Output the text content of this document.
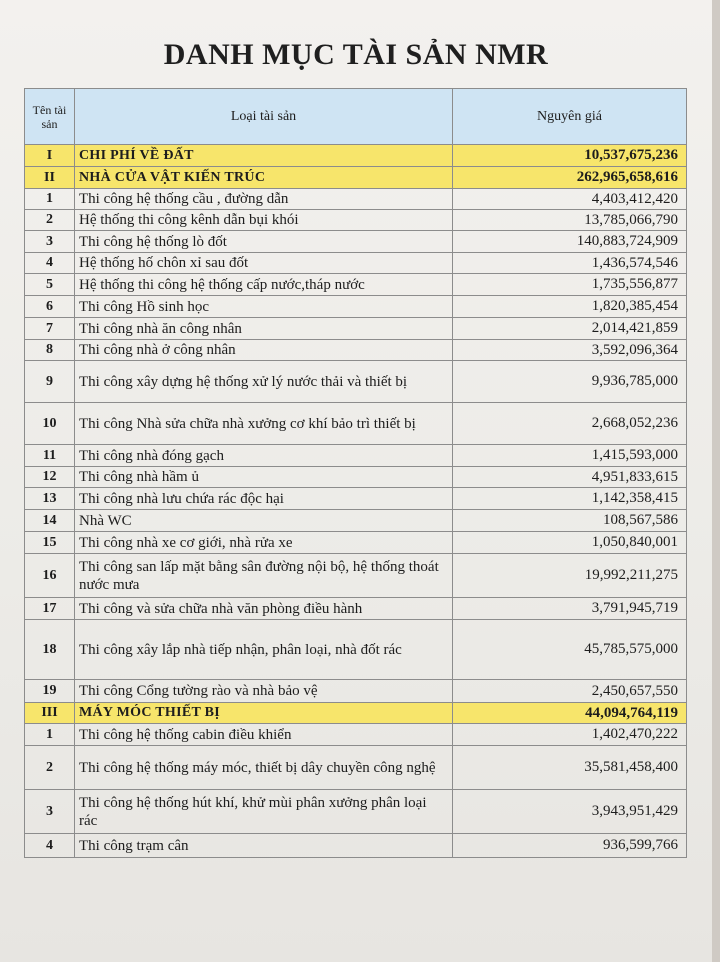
DANH MỤC TÀI SẢN NMR
Tên tài sản	Loại tài sản	Nguyên giá
I	CHI PHÍ VỀ ĐẤT	10,537,675,236
II	NHÀ CỬA VẬT KIẾN TRÚC	262,965,658,616
1	Thi công hệ thống cầu , đường dẫn	4,403,412,420
2	Hệ thống thi công kênh dẫn bụi khói	13,785,066,790
3	Thi công hệ thống lò đốt	140,883,724,909
4	Hệ thống hố chôn xỉ sau đốt	1,436,574,546
5	Hệ thống thi công hệ thống cấp nước,tháp nước	1,735,556,877
6	Thi công Hồ sinh học	1,820,385,454
7	Thi công nhà ăn công nhân	2,014,421,859
8	Thi công nhà ở công nhân	3,592,096,364
9	Thi công xây dựng hệ thống xử lý nước thải và thiết bị	9,936,785,000
10	Thi công Nhà sửa chữa nhà xưởng cơ khí bảo trì thiết bị	2,668,052,236
11	Thi công nhà đóng gạch	1,415,593,000
12	Thi công nhà hầm ủ	4,951,833,615
13	Thi công nhà lưu chứa rác độc hại	1,142,358,415
14	Nhà WC	108,567,586
15	Thi công nhà xe cơ giới, nhà rửa xe	1,050,840,001
16	Thi công san lấp mặt bằng sân đường nội bộ, hệ thống thoát nước mưa	19,992,211,275
17	Thi công và sửa chữa nhà văn phòng điều hành	3,791,945,719
18	Thi công xây lắp nhà tiếp nhận, phân loại, nhà đốt rác	45,785,575,000
19	Thi công Cổng tường rào và nhà bảo vệ	2,450,657,550
III	MÁY MÓC THIẾT BỊ	44,094,764,119
1	Thi công hệ thống cabin điều khiển	1,402,470,222
2	Thi công hệ thống máy móc, thiết bị dây chuyền công nghệ	35,581,458,400
3	Thi công hệ thống hút khí, khử mùi phân xưởng phân loại rác	3,943,951,429
4	Thi công trạm cân	936,599,766
